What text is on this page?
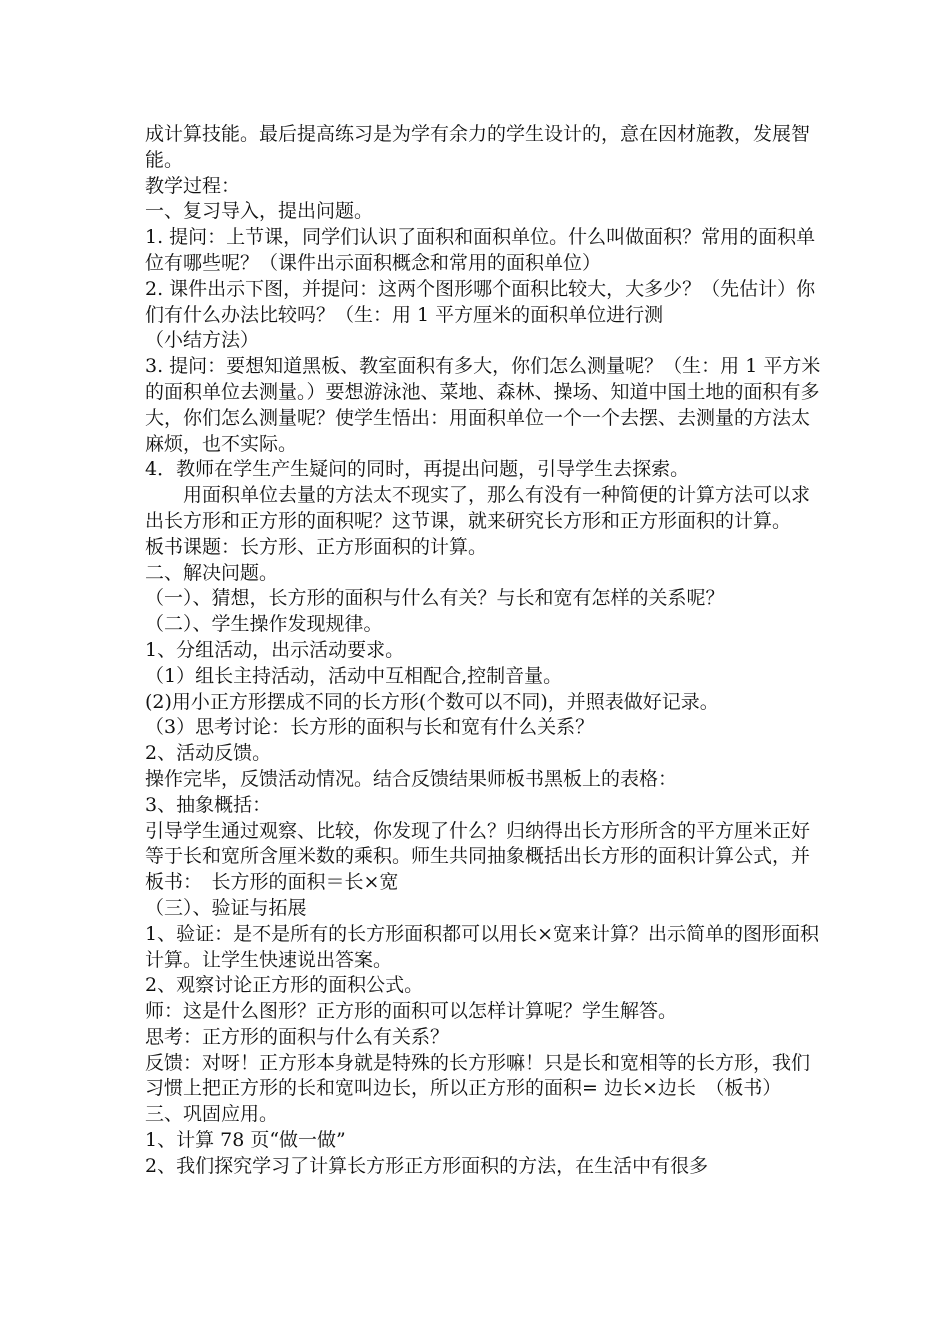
成计算技能。最后提高练习是为学有余力的学生设计的，意在因材施教，发展智能。

教学过程：

一、复习导入，提出问题。

1. 提问：上节课，同学们认识了面积和面积单位。什么叫做面积？常用的面积单位有哪些呢？（课件出示面积概念和常用的面积单位）

2. 课件出示下图，并提问：这两个图形哪个面积比较大，大多少？（先估计）你们有什么办法比较吗？（生：用 1 平方厘米的面积单位进行测

（小结方法）

3. 提问：要想知道黑板、教室面积有多大，你们怎么测量呢？（生：用 1 平方米的面积单位去测量。）要想游泳池、菜地、森林、操场、知道中国土地的面积有多大，你们怎么测量呢？使学生悟出：用面积单位一个一个去摆、去测量的方法太麻烦，也不实际。

4．教师在学生产生疑问的同时，再提出问题，引导学生去探索。

用面积单位去量的方法太不现实了，那么有没有一种简便的计算方法可以求出长方形和正方形的面积呢？这节课，就来研究长方形和正方形面积的计算。

板书课题：长方形、正方形面积的计算。

二、解决问题。

（一）、猜想，长方形的面积与什么有关？与长和宽有怎样的关系呢？

（二）、学生操作发现规律。

1、分组活动，出示活动要求。

（1）组长主持活动，活动中互相配合,控制音量。

(2)用小正方形摆成不同的长方形(个数可以不同)，并照表做好记录。

（3）思考讨论：长方形的面积与长和宽有什么关系？

2、活动反馈。

操作完毕，反馈活动情况。结合反馈结果师板书黑板上的表格：

3、抽象概括：

引导学生通过观察、比较，你发现了什么？归纳得出长方形所含的平方厘米正好等于长和宽所含厘米数的乘积。师生共同抽象概括出长方形的面积计算公式，并板书：　长方形的面积＝长×宽

（三）、验证与拓展

1、验证：是不是所有的长方形面积都可以用长×宽来计算？出示简单的图形面积计算。让学生快速说出答案。

2、观察讨论正方形的面积公式。

师：这是什么图形？正方形的面积可以怎样计算呢？学生解答。

思考：正方形的面积与什么有关系？

反馈：对呀！正方形本身就是特殊的长方形嘛！只是长和宽相等的长方形，我们习惯上把正方形的长和宽叫边长，所以正方形的面积= 边长×边长　（板书）

三、巩固应用。

1、计算 78 页“做一做”

2、我们探究学习了计算长方形正方形面积的方法，在生活中有很多
